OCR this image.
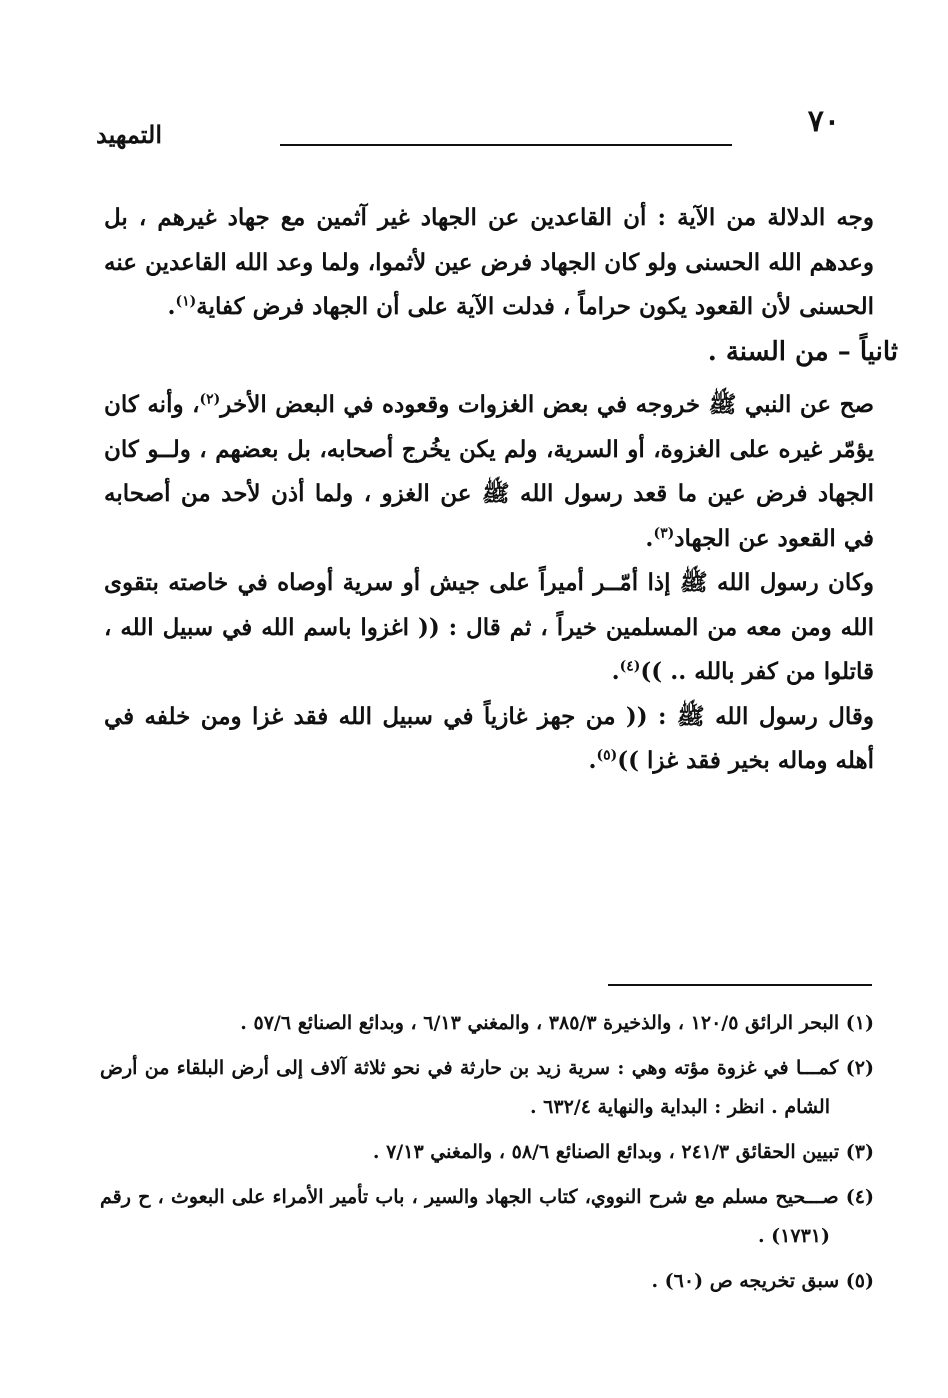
٧٠
التمهيد

وجه الدلالة من الآية : أن القاعدين عن الجهاد غير آثمين مع جهاد غيرهم ، بل وعدهم الله الحسنى ولو كان الجهاد فرض عين لأثموا، ولما وعد الله القاعدين عنه الحسنى لأن القعود يكون حراماً ، فدلت الآية على أن الجهاد فرض كفاية$^{(١)}$.

ثانياً – من السنة .

صح عن النبي ﷺ خروجه في بعض الغزوات وقعوده في البعض الأخر$^{(٢)}$، وأنه كان يؤمّر غيره على الغزوة، أو السرية، ولم يكن يخُرج أصحابه، بل بعضهم ، ولــو كان الجهاد فرض عين ما قعد رسول الله ﷺ عن الغزو ، ولما أذن لأحد من أصحابه في القعود عن الجهاد$^{(٣)}$.

وكان رسول الله ﷺ إذا أمّــر أميراً على جيش أو سرية أوصاه في خاصته بتقوى الله ومن معه من المسلمين خيراً ، ثم قال : (( اغزوا باسم الله في سبيل الله ، قاتلوا من كفر بالله .. ))$^{(٤)}$.

وقال رسول الله ﷺ : (( من جهز غازياً في سبيل الله فقد غزا ومن خلفه في أهله وماله بخير فقد غزا ))$^{(٥)}$.

(١) البحر الرائق ١٢٠/٥ ، والذخيرة ٣٨٥/٣ ، والمغني ٦/١٣ ، وبدائع الصنائع ٥٧/٦ .

(٢) كمـــا في غزوة مؤته وهي : سرية زيد بن حارثة في نحو ثلاثة آلاف إلى أرض البلقاء من أرض الشام . انظر : البداية والنهاية ٦٣٢/٤ .

(٣) تبيين الحقائق ٢٤١/٣ ، وبدائع الصنائع ٥٨/٦ ، والمغني ٧/١٣ .

(٤) صـــحيح مسلم مع شرح النووي، كتاب الجهاد والسير ، باب تأمير الأمراء على البعوث ، ح رقم (١٧٣١) .

(٥) سبق تخريجه ص (٦٠) .
